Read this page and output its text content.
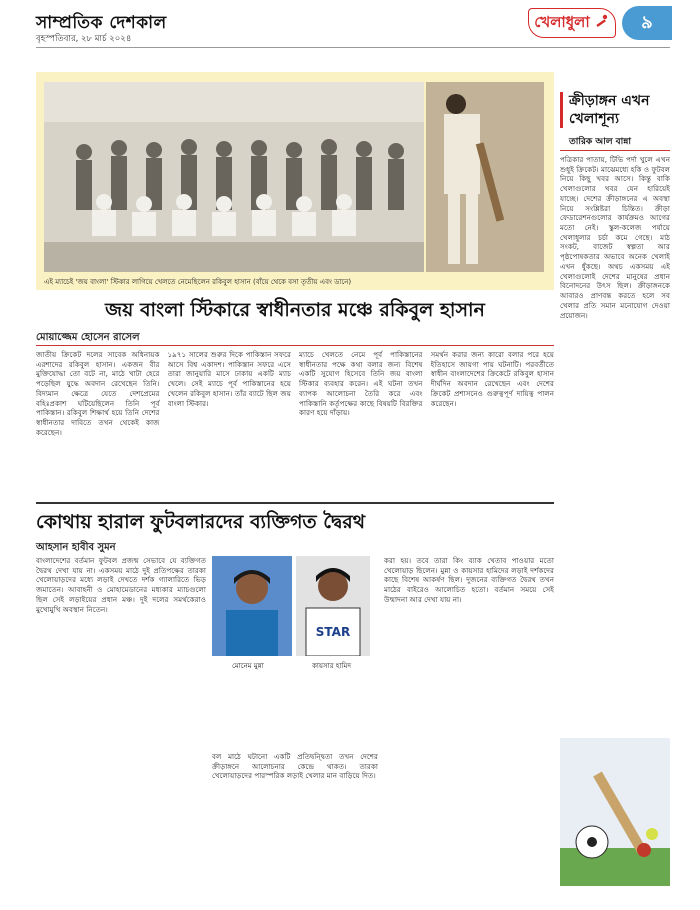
সাম্প্রতিক দেশকাল
বৃহস্পতিবার, ২৮ মার্চ ২০২৪
খেলাধুলা	৯
এই ম্যাচেই 'জয় বাংলা' স্টিকার লাগিয়ে খেলতে নেমেছিলেন রকিবুল হাসান (বাঁয়ে থেকে বসা তৃতীয় এবং ডানে)
জয় বাংলা স্টিকারে স্বাধীনতার মঞ্চে রকিবুল হাসান
মোয়াজ্জেম হোসেন রাসেল
জাতীয় ক্রিকেট দলের সাবেক অধিনায়ক এরশাদের রকিবুল হাসান। একজন বীর মুক্তিযোদ্ধা তো বটে না, মাঠে খাটা হেরে পড়েছিল যুদ্ধে অবদান রেখেছেন তিনি। বিদ্যমান ক্ষেত্রে যেতে দেশপ্রেমের বহিঃপ্রকাশ ঘটিয়েছিলেন তিনি পূর্ব পাকিস্তান। রকিবুল শিক্ষার্থ হয়ে তিনি দেশের স্বাধীনতার দাবিতে তখন থেকেই কাজ করেছেন।
১৯৭১ সালের শুরুর দিকে পাকিস্তান সফরে আসে বিশ্ব একাদশ। পাকিস্তান সফরে এসে তারা জানুয়ারি মাসে ঢাকায় একটি ম্যাচ খেলে। সেই ম্যাচে পূর্ব পাকিস্তানের হয়ে খেলেন রকিবুল হাসান। তাঁর ব্যাটে ছিল জয় বাংলা স্টিকার।
ম্যাচে খেলতে নেমে পূর্ব পাকিস্তানের স্বাধীনতার পক্ষে কথা বলার জন্য বিশেষ একটি সুযোগ হিসেবে তিনি জয় বাংলা স্টিকার ব্যবহার করেন। এই ঘটনা তখন ব্যাপক আলোচনা তৈরি করে এবং পাকিস্তানি কর্তৃপক্ষের কাছে বিষয়টি বিরক্তির কারণ হয়ে দাঁড়ায়।
সমর্থন করার জন্য কারো বলার পরে হয়ে ইতিহাসে জায়গা পায় ঘটনাটি। পরবর্তীতে স্বাধীন বাংলাদেশের ক্রিকেটে রকিবুল হাসান দীর্ঘদিন অবদান রেখেছেন এবং দেশের ক্রিকেট প্রশাসনেও গুরুত্বপূর্ণ দায়িত্ব পালন করেছেন।
কোথায় হারাল ফুটবলারদের ব্যক্তিগত দ্বৈরথ
আহসান হাবীব সুমন
বাংলাদেশের বর্তমান ফুটবল প্রজন্ম সেভাবে যে ব্যক্তিগত দ্বৈরথ দেখা যায় না। একসময় মাঠে দুই প্রতিপক্ষের তারকা খেলোয়াড়দের মধ্যে লড়াই দেখতে দর্শক গ্যালারিতে ভিড় জমাতেন। আবাহনী ও মোহামেডানের মধ্যকার ম্যাচগুলো ছিল সেই লড়াইয়ের প্রধান মঞ্চ। দুই দলের সমর্থকেরাও মুখোমুখি অবস্থান নিতেন।
বল মাঠে ঘটানো একটি প্রতিদ্বন্দ্বিতা তখন দেশের ক্রীড়াঙ্গনে আলোচনার কেন্দ্রে থাকত। তারকা খেলোয়াড়দের পারস্পরিক লড়াই খেলার মান বাড়িয়ে দিত।
করা হয়। তবে তারা কিং ব্যাক খেতাব পাওয়ার মতো খেলোয়াড় ছিলেন। মুন্না ও কায়সার হামিদের লড়াই দর্শকদের কাছে বিশেষ আকর্ষণ ছিল। দুজনের ব্যক্তিগত দ্বৈরথ তখন মাঠের বাইরেও আলোচিত হতো। বর্তমান সময়ে সেই উন্মাদনা আর দেখা যায় না।
মোনেম মুন্না
STAR
কায়সার হামিদ
ক্রীড়াঙ্গন এখন খেলাশূন্য
তারিক আল বান্না
পত্রিকার পাতায়, টিভি পর্দা খুলে এখন শুধুই ক্রিকেট। মাঝেমধ্যে হকি ও ফুটবল নিয়ে কিছু খবর আসে। কিন্তু বাকি খেলাগুলোর খবর যেন হারিয়েই যাচ্ছে। দেশের ক্রীড়াঙ্গনের এ অবস্থা নিয়ে সংশ্লিষ্টরা চিন্তিত। ক্রীড়া ফেডারেশনগুলোর কার্যক্রমও আগের মতো নেই। স্কুল-কলেজ পর্যায়ে খেলাধুলার চর্চা কমে গেছে। মাঠ সংকট, বাজেট স্বল্পতা আর পৃষ্ঠপোষকতার অভাবে অনেক খেলাই এখন ধুঁকছে। অথচ একসময় এই খেলাগুলোই দেশের মানুষের প্রধান বিনোদনের উৎস ছিল। ক্রীড়াঙ্গনকে আবারও প্রাণবন্ত করতে হলে সব খেলার প্রতি সমান মনোযোগ দেওয়া প্রয়োজন।
